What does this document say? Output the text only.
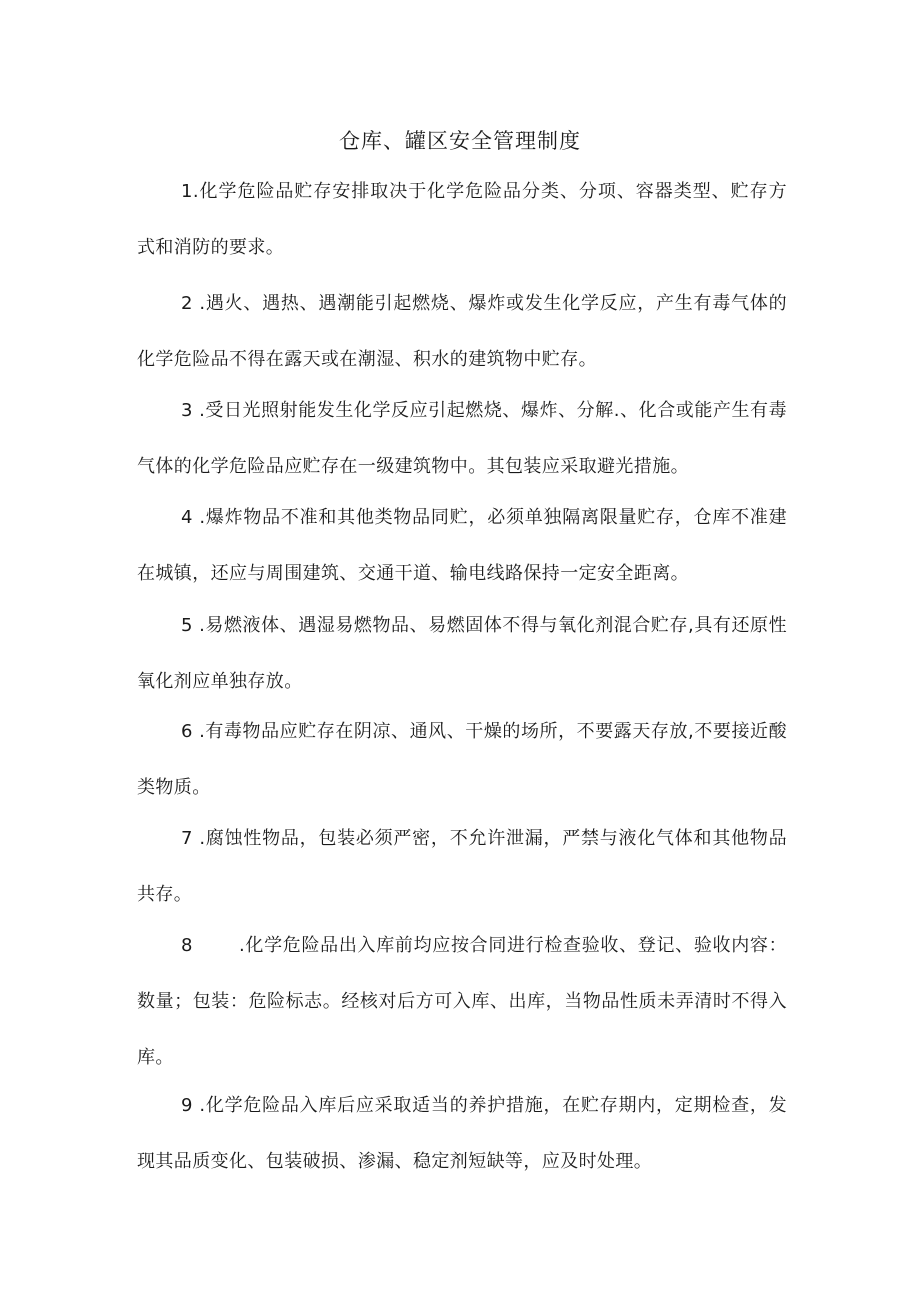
仓库、罐区安全管理制度
1.化学危险品贮存安排取决于化学危险品分类、分项、容器类型、贮存方式和消防的要求。
2 .遇火、遇热、遇潮能引起燃烧、爆炸或发生化学反应，产生有毒气体的化学危险品不得在露天或在潮湿、积水的建筑物中贮存。
3 .受日光照射能发生化学反应引起燃烧、爆炸、分解.、化合或能产生有毒气体的化学危险品应贮存在一级建筑物中。其包装应采取避光措施。
4 .爆炸物品不准和其他类物品同贮，必须单独隔离限量贮存，仓库不准建在城镇，还应与周围建筑、交通干道、输电线路保持一定安全距离。
5 .易燃液体、遇湿易燃物品、易燃固体不得与氧化剂混合贮存,具有还原性氧化剂应单独存放。
6 .有毒物品应贮存在阴凉、通风、干燥的场所，不要露天存放,不要接近酸类物质。
7 .腐蚀性物品，包装必须严密，不允许泄漏，严禁与液化气体和其他物品共存。
8	.化学危险品出入库前均应按合同进行检查验收、登记、验收内容：数量；包装：危险标志。经核对后方可入库、出库，当物品性质未弄清时不得入库。
9 .化学危险品入库后应采取适当的养护措施，在贮存期内，定期检查，发现其品质变化、包装破损、渗漏、稳定剂短缺等，应及时处理。
